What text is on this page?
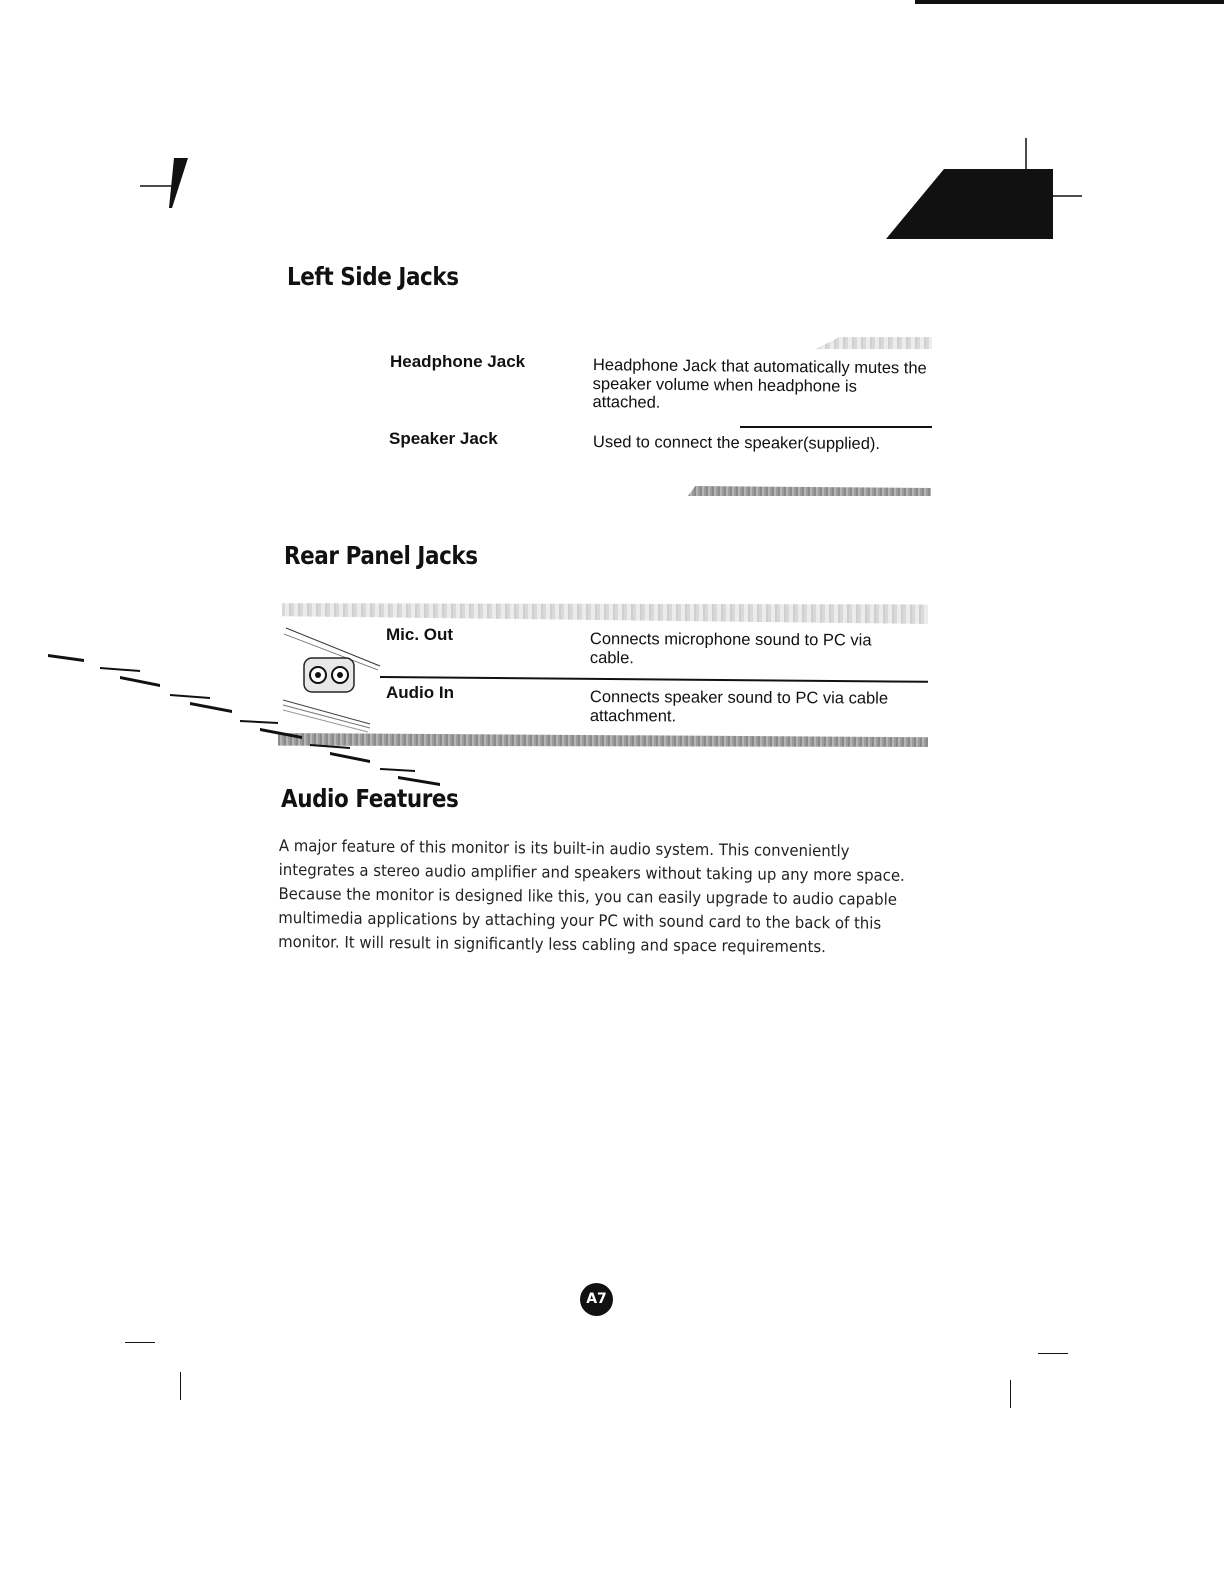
Left Side Jacks
Headphone Jack	Headphone Jack that automatically mutes the speaker volume when headphone is attached.
Speaker Jack	Used to connect the speaker(supplied).
Rear Panel Jacks
Mic. Out	Connects microphone sound to PC via cable.
Audio In	Connects speaker sound to PC via cable attachment.
Audio Features
A major feature of this monitor is its built-in audio system. This conveniently integrates a stereo audio amplifier and speakers without taking up any more space. Because the monitor is designed like this, you can easily upgrade to audio capable multimedia applications by attaching your PC with sound card to the back of this monitor. It will result in significantly less cabling and space requirements.
A7
